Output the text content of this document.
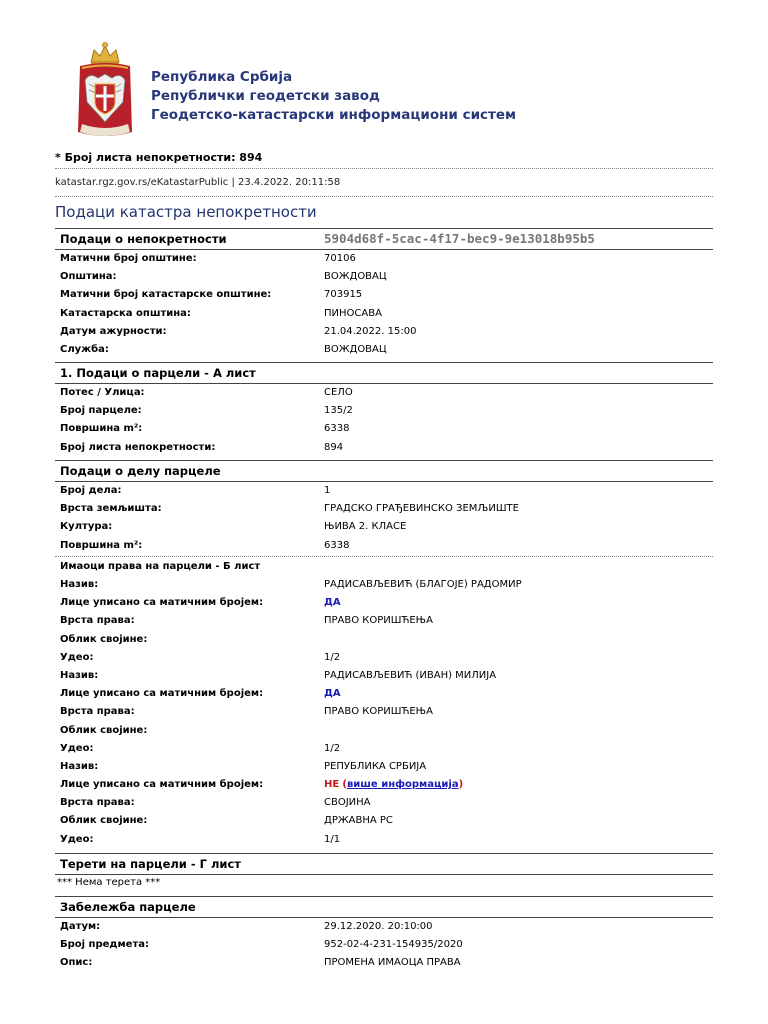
Република Србија
Републички геодетски завод
Геодетско-катастарски информациони систем
* Број листа непокретности: 894
katastar.rgz.gov.rs/eKatastarPublic | 23.4.2022. 20:11:58
Подаци катастра непокретности
Подаци о непокретности	5904d68f-5cac-4f17-bec9-9e13018b95b5
Матични број општине:	70106
Општина:	ВОЖДОВАЦ
Матични број катастарске општине:	703915
Катастарска општина:	ПИНОСАВА
Датум ажурности:	21.04.2022. 15:00
Служба:	ВОЖДОВАЦ
1. Подаци о парцели - А лист
Потес / Улица:	СЕЛО
Број парцеле:	135/2
Површина m²:	6338
Број листа непокретности:	894
Подаци о делу парцеле
Број дела:	1
Врста земљишта:	ГРАДСКО ГРАЂЕВИНСКО ЗЕМЉИШТЕ
Култура:	ЊИВА 2. КЛАСЕ
Површина m²:	6338
Имаоци права на парцели - Б лист
Назив:	РАДИСАВЉЕВИЋ (БЛАГОЈЕ) РАДОМИР
Лице уписано са матичним бројем:	ДА
Врста права:	ПРАВО КОРИШЋЕЊА
Облик својине:
Удео:	1/2
Назив:	РАДИСАВЉЕВИЋ (ИВАН) МИЛИЈА
Лице уписано са матичним бројем:	ДА
Врста права:	ПРАВО КОРИШЋЕЊА
Облик својине:
Удео:	1/2
Назив:	РЕПУБЛИКА СРБИЈА
Лице уписано са матичним бројем:	НЕ (више информација)
Врста права:	СВОЈИНА
Облик својине:	ДРЖАВНА РС
Удео:	1/1
Терети на парцели - Г лист
*** Нема терета ***
Забележба парцеле
Датум:	29.12.2020. 20:10:00
Број предмета:	952-02-4-231-154935/2020
Опис:	ПРОМЕНА ИМАОЦА ПРАВА
